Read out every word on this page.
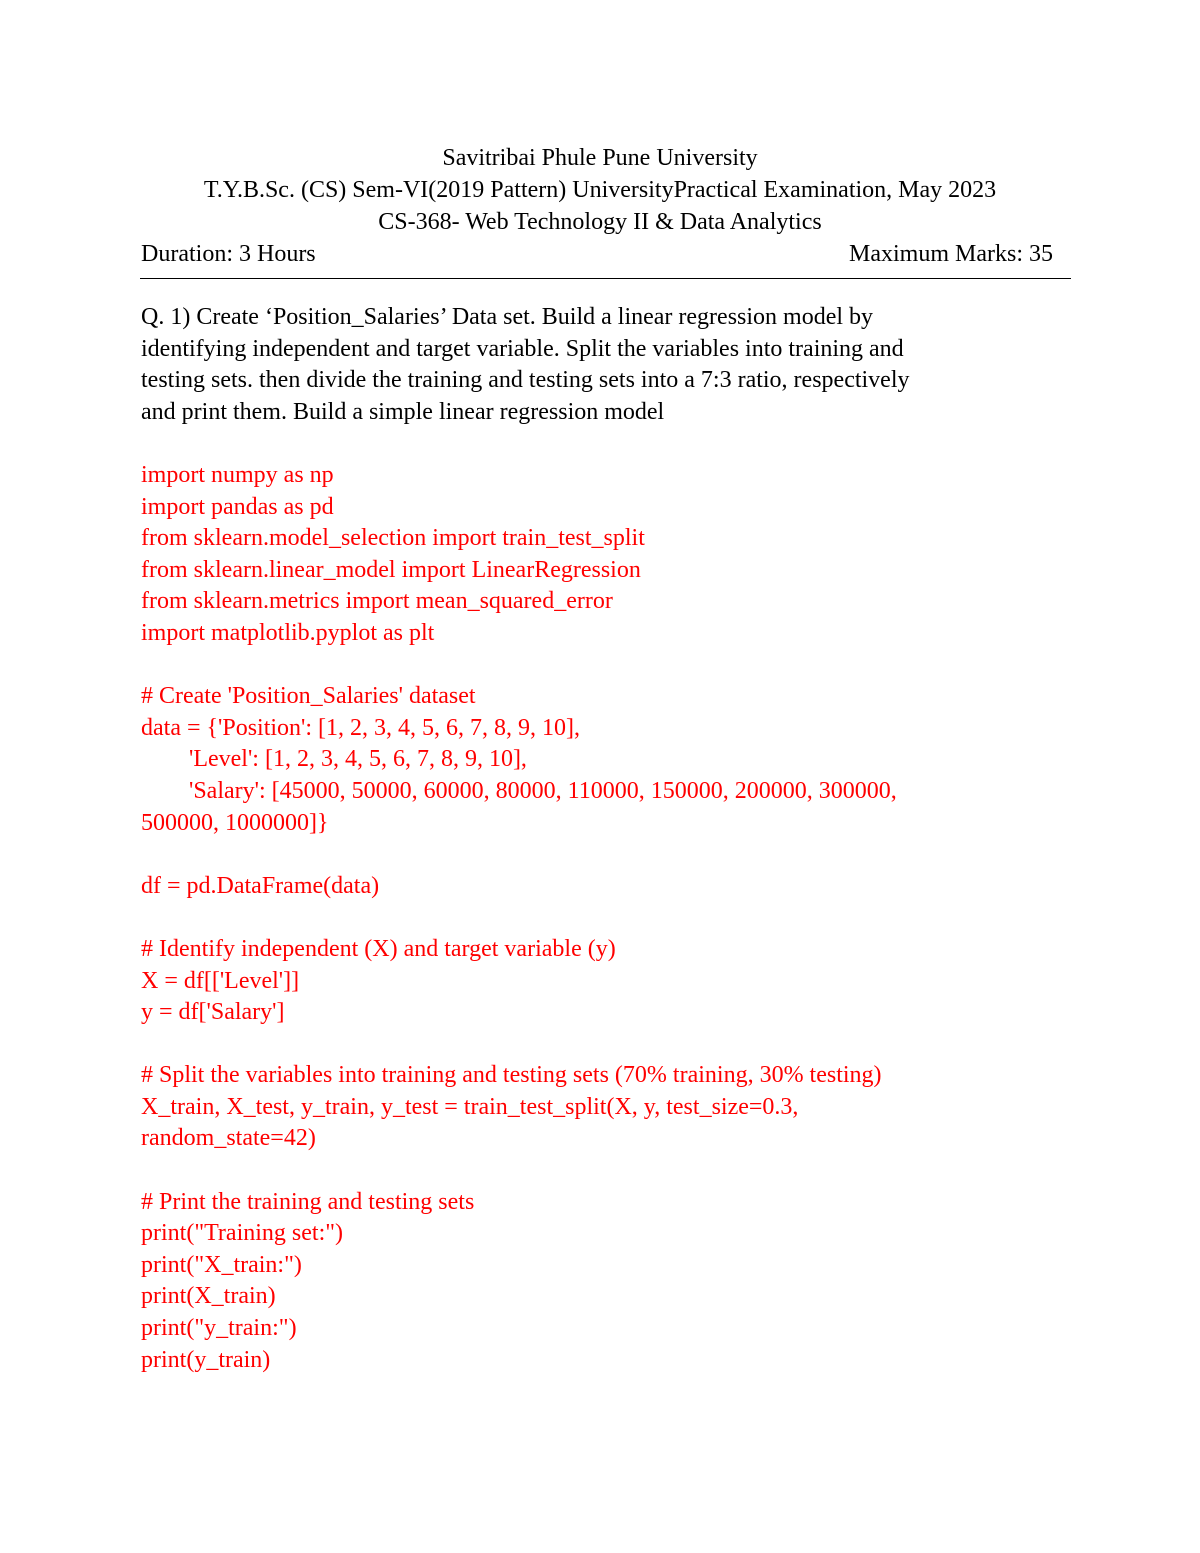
Savitribai Phule Pune University
T.Y.B.Sc. (CS) Sem-VI(2019 Pattern) UniversityPractical Examination, May 2023
CS-368- Web Technology II & Data Analytics
Duration: 3 Hours	Maximum Marks: 35

Q. 1) Create ‘Position_Salaries’ Data set. Build a linear regression model by

identifying independent and target variable. Split the variables into training and

testing sets. then divide the training and testing sets into a 7:3 ratio, respectively

and print them. Build a simple linear regression model

import numpy as np
import pandas as pd
from sklearn.model_selection import train_test_split
from sklearn.linear_model import LinearRegression
from sklearn.metrics import mean_squared_error
import matplotlib.pyplot as plt
# Create 'Position_Salaries' dataset
data = {'Position': [1, 2, 3, 4, 5, 6, 7, 8, 9, 10],
'Level': [1, 2, 3, 4, 5, 6, 7, 8, 9, 10],
'Salary': [45000, 50000, 60000, 80000, 110000, 150000, 200000, 300000,
500000, 1000000]}
df = pd.DataFrame(data)
# Identify independent (X) and target variable (y)
X = df[['Level']]
y = df['Salary']
# Split the variables into training and testing sets (70% training, 30% testing)
X_train, X_test, y_train, y_test = train_test_split(X, y, test_size=0.3,
random_state=42)
# Print the training and testing sets
print("Training set:")
print("X_train:")
print(X_train)
print("y_train:")
print(y_train)
